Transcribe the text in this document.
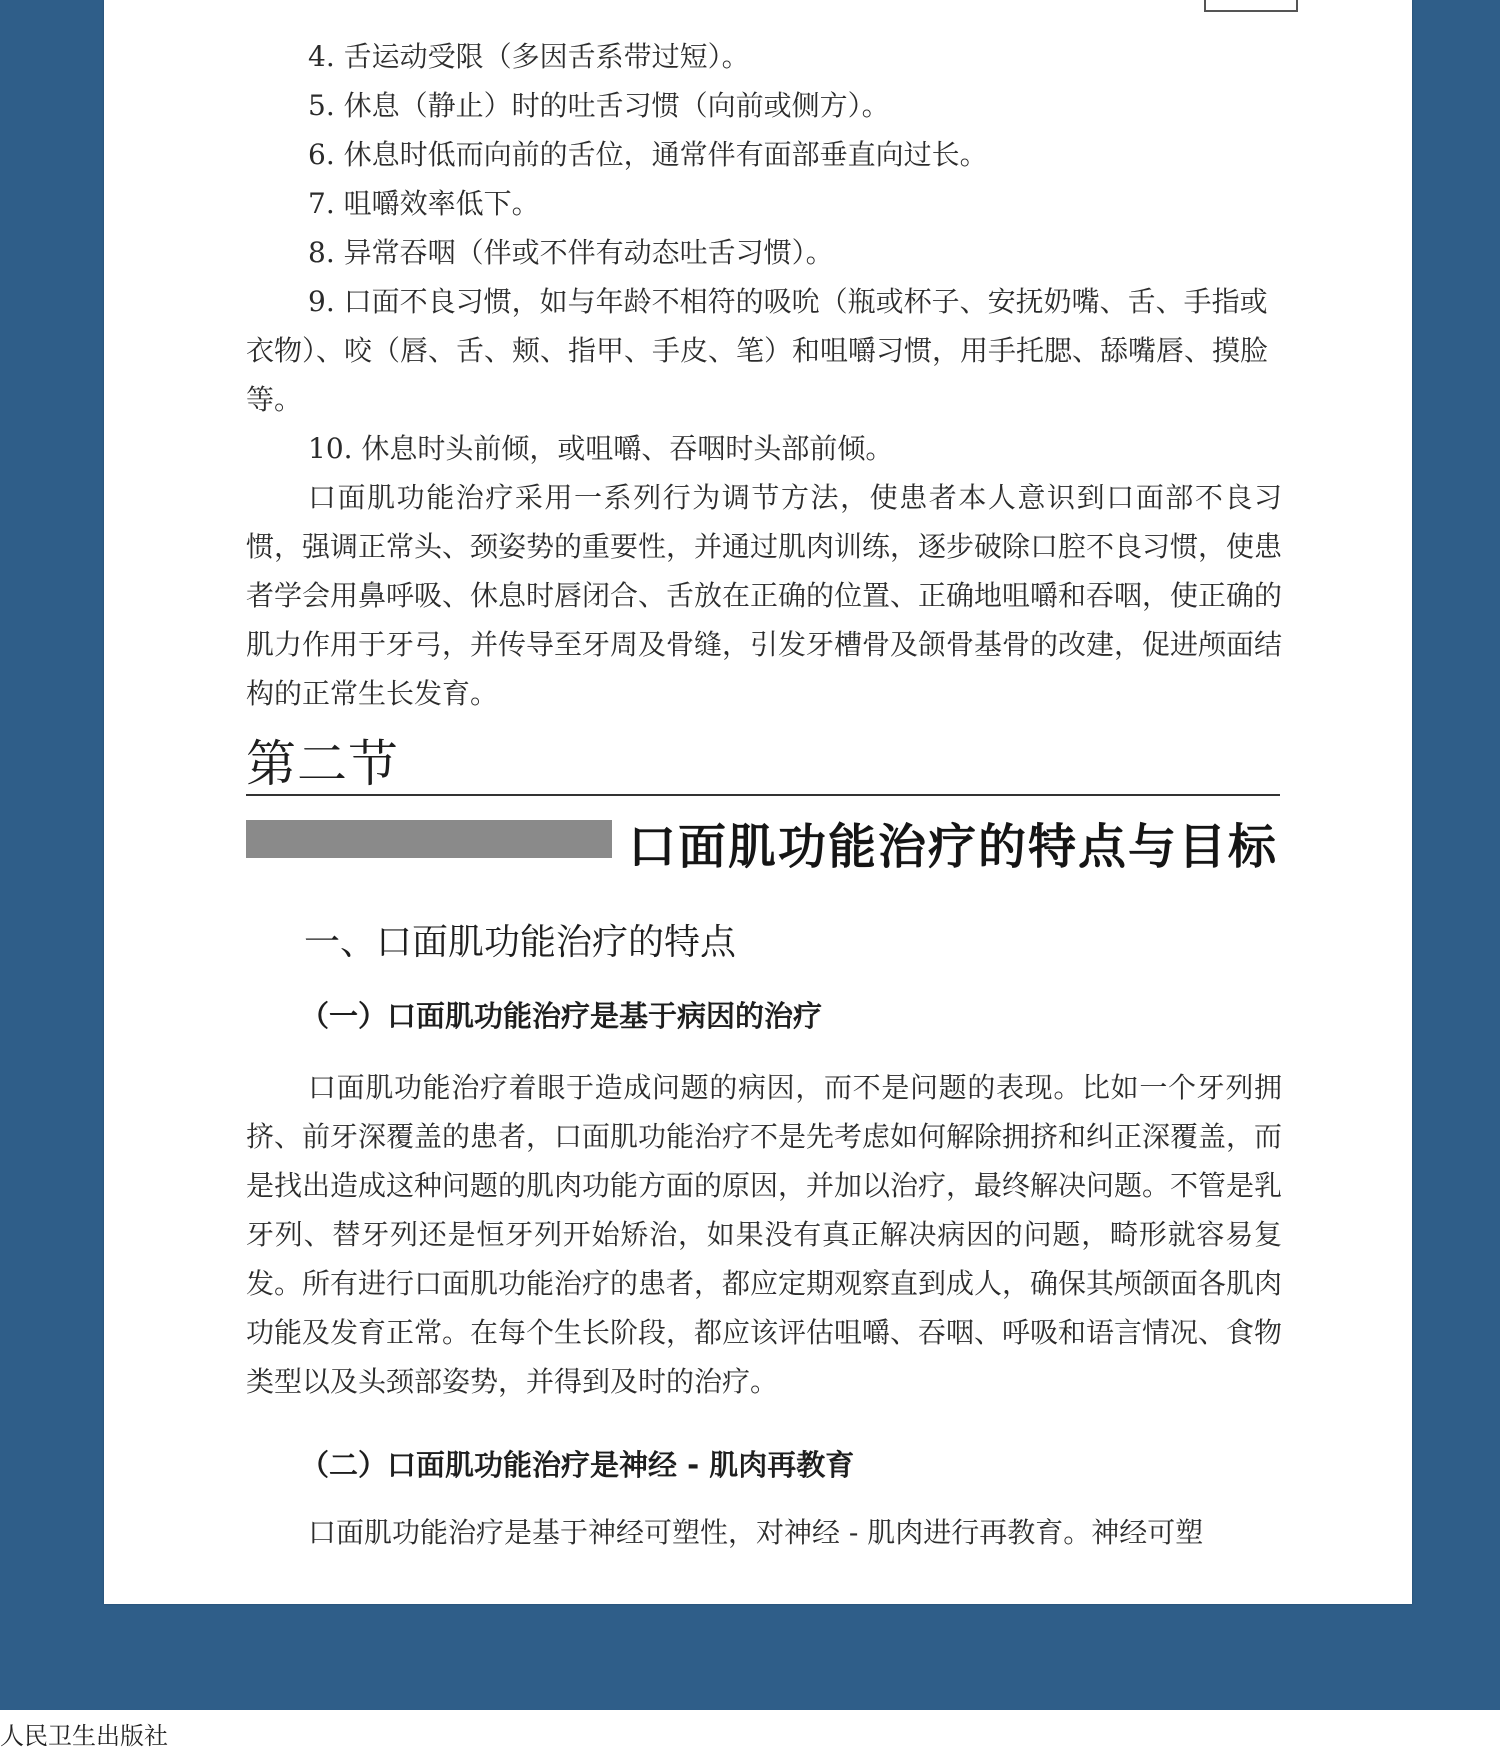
4. 舌运动受限（多因舌系带过短）。

5. 休息（静止）时的吐舌习惯（向前或侧方）。

6. 休息时低而向前的舌位，通常伴有面部垂直向过长。

7. 咀嚼效率低下。

8. 异常吞咽（伴或不伴有动态吐舌习惯）。

9. 口面不良习惯，如与年龄不相符的吸吮（瓶或杯子、安抚奶嘴、舌、手指或衣物）、咬（唇、舌、颊、指甲、手皮、笔）和咀嚼习惯，用手托腮、舔嘴唇、摸脸等。

10. 休息时头前倾，或咀嚼、吞咽时头部前倾。

口面肌功能治疗采用一系列行为调节方法，使患者本人意识到口面部不良习惯，强调正常头、颈姿势的重要性，并通过肌肉训练，逐步破除口腔不良习惯，使患者学会用鼻呼吸、休息时唇闭合、舌放在正确的位置、正确地咀嚼和吞咽，使正确的肌力作用于牙弓，并传导至牙周及骨缝，引发牙槽骨及颌骨基骨的改建，促进颅面结构的正常生长发育。

第二节
口面肌功能治疗的特点与目标
一、口面肌功能治疗的特点
（一）口面肌功能治疗是基于病因的治疗

口面肌功能治疗着眼于造成问题的病因，而不是问题的表现。比如一个牙列拥挤、前牙深覆盖的患者，口面肌功能治疗不是先考虑如何解除拥挤和纠正深覆盖，而是找出造成这种问题的肌肉功能方面的原因，并加以治疗，最终解决问题。不管是乳牙列、替牙列还是恒牙列开始矫治，如果没有真正解决病因的问题，畸形就容易复发。所有进行口面肌功能治疗的患者，都应定期观察直到成人，确保其颅颌面各肌肉功能及发育正常。在每个生长阶段，都应该评估咀嚼、吞咽、呼吸和语言情况、食物类型以及头颈部姿势，并得到及时的治疗。

（二）口面肌功能治疗是神经 - 肌肉再教育

口面肌功能治疗是基于神经可塑性，对神经 - 肌肉进行再教育。神经可塑

人民卫生出版社
